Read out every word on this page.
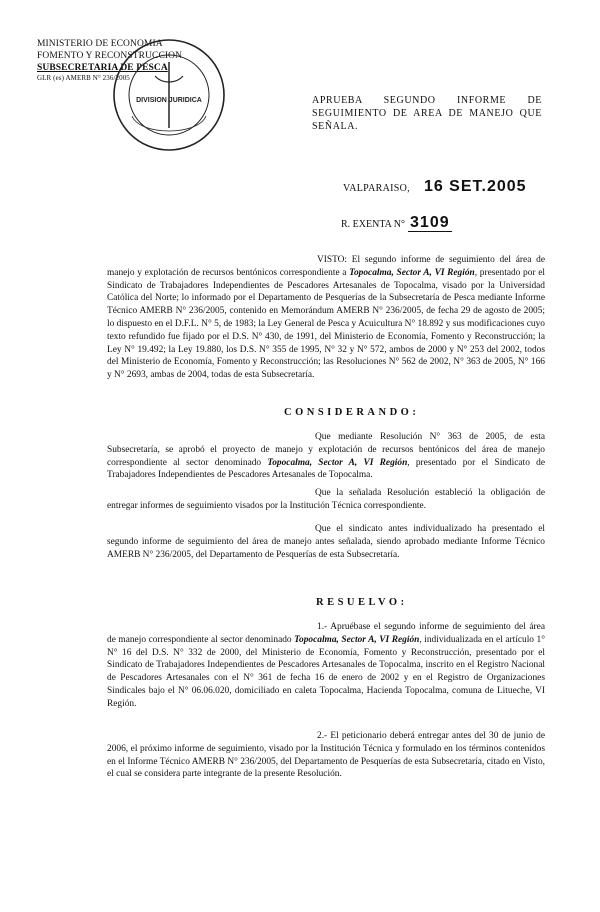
MINISTERIO DE ECONOMIA
FOMENTO Y RECONSTRUCCION
SUBSECRETARIA DE PESCA
GLR (es) AMERB N° 236/2005
DIVISION JURIDICA	APRUEBA SEGUNDO INFORME DE
SEGUIMIENTO DE AREA DE MANEJO QUE
SEÑALA.
VALPARAISO, 16 SET.2005
R. EXENTA N° 3109
VISTO: El segundo informe de seguimiento del área de manejo y explotación de recursos bentónicos correspondiente a Topocalma, Sector A, VI Región, presentado por el Sindicato de Trabajadores Independientes de Pescadores Artesanales de Topocalma, visado por la Universidad Católica del Norte; lo informado por el Departamento de Pesquerías de la Subsecretaría de Pesca mediante Informe Técnico AMERB N° 236/2005, contenido en Memorándum AMERB N° 236/2005, de fecha 29 de agosto de 2005; lo dispuesto en el D.F.L. N° 5, de 1983; la Ley General de Pesca y Acuicultura N° 18.892 y sus modificaciones cuyo texto refundido fue fijado por el D.S. N° 430, de 1991, del Ministerio de Economía, Fomento y Reconstrucción; la Ley N° 19.492; la Ley 19.880, los D.S. N° 355 de 1995, N° 32 y N° 572, ambos de 2000 y N° 253 del 2002, todos del Ministerio de Economía, Fomento y Reconstrucción; las Resoluciones N° 562 de 2002, N° 363 de 2005, N° 166 y N° 2693, ambas de 2004, todas de esta Subsecretaría.
CONSIDERANDO:
Que mediante Resolución N° 363 de 2005, de esta Subsecretaría, se aprobó el proyecto de manejo y explotación de recursos bentónicos del área de manejo correspondiente al sector denominado Topocalma, Sector A, VI Región, presentado por el Sindicato de Trabajadores Independientes de Pescadores Artesanales de Topocalma.
Que la señalada Resolución estableció la obligación de entregar informes de seguimiento visados por la Institución Técnica correspondiente.
Que el sindicato antes individualizado ha presentado el segundo informe de seguimiento del área de manejo antes señalada, siendo aprobado mediante Informe Técnico AMERB N° 236/2005, del Departamento de Pesquerías de esta Subsecretaría.
RESUELVO:
1.- Apruébase el segundo informe de seguimiento del área de manejo correspondiente al sector denominado Topocalma, Sector A, VI Región, individualizada en el artículo 1° N° 16 del D.S. N° 332 de 2000, del Ministerio de Economía, Fomento y Reconstrucción, presentado por el Sindicato de Trabajadores Independientes de Pescadores Artesanales de Topocalma, inscrito en el Registro Nacional de Pescadores Artesanales con el N° 361 de fecha 16 de enero de 2002 y en el Registro de Organizaciones Sindicales bajo el N° 06.06.020, domiciliado en caleta Topocalma, Hacienda Topocalma, comuna de Litueche, VI Región.
2.- El peticionario deberá entregar antes del 30 de junio de 2006, el próximo informe de seguimiento, visado por la Institución Técnica y formulado en los términos contenidos en el Informe Técnico AMERB N° 236/2005, del Departamento de Pesquerías de esta Subsecretaría, citado en Visto, el cual se considera parte integrante de la presente Resolución.
